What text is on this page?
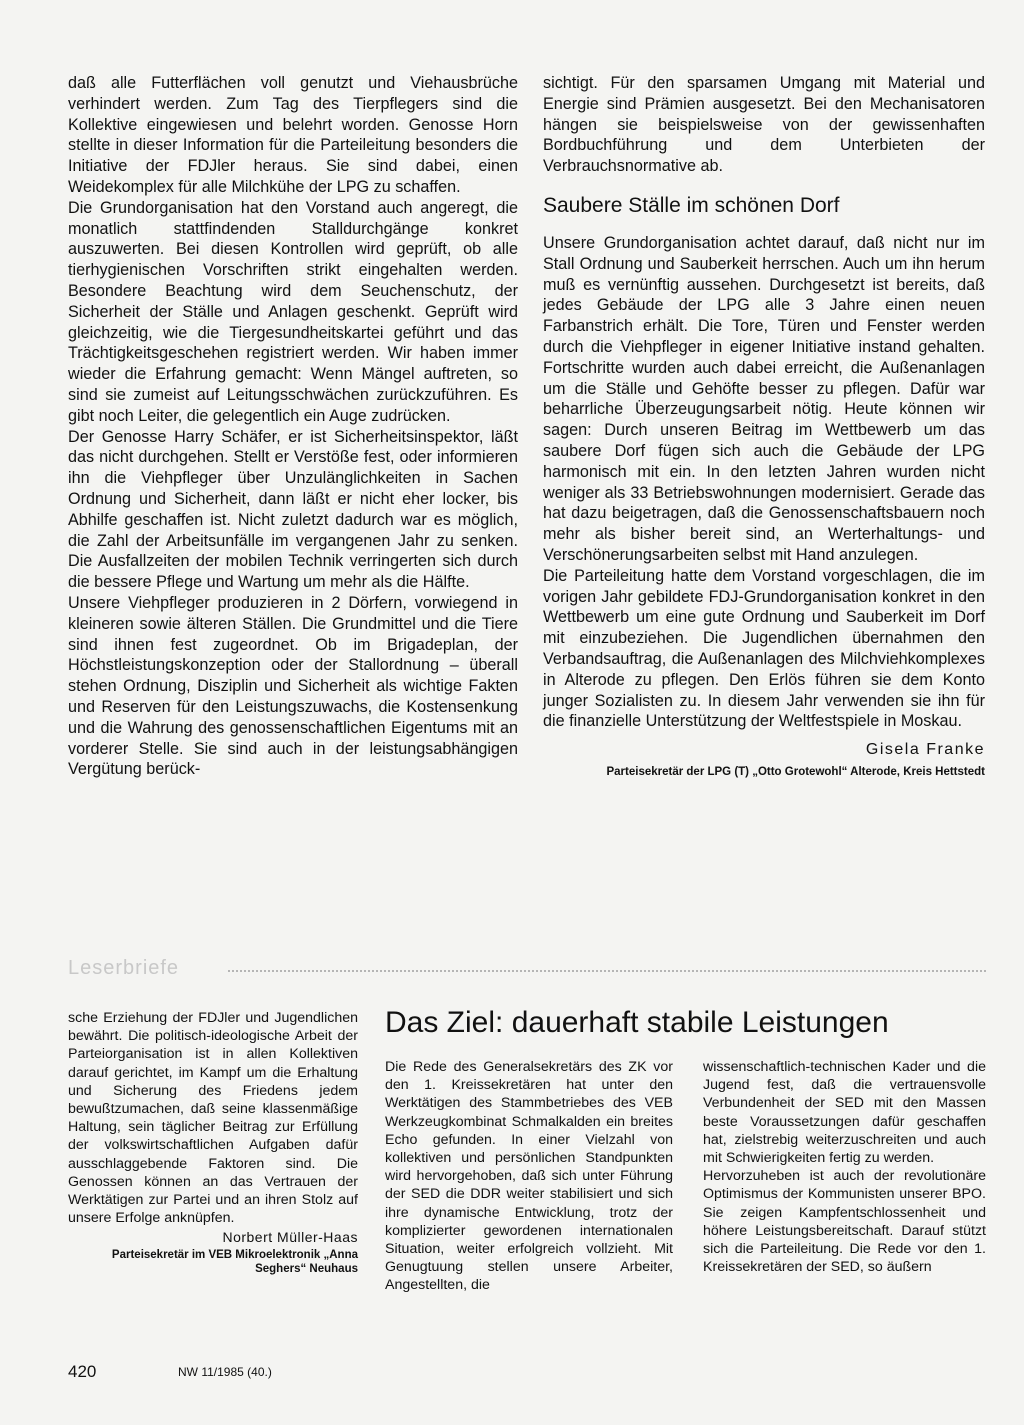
daß alle Futterflächen voll genutzt und Viehausbrüche verhindert werden. Zum Tag des Tierpflegers sind die Kollektive eingewiesen und belehrt worden. Genosse Horn stellte in dieser Information für die Parteileitung besonders die Initiative der FDJler heraus. Sie sind dabei, einen Weidekomplex für alle Milchkühe der LPG zu schaffen.

Die Grundorganisation hat den Vorstand auch angeregt, die monatlich stattfindenden Stalldurchgänge konkret auszuwerten. Bei diesen Kontrollen wird geprüft, ob alle tierhygienischen Vorschriften strikt eingehalten werden. Besondere Beachtung wird dem Seuchenschutz, der Sicherheit der Ställe und Anlagen geschenkt. Geprüft wird gleichzeitig, wie die Tiergesundheitskartei geführt und das Trächtigkeitsgeschehen registriert werden. Wir haben immer wieder die Erfahrung gemacht: Wenn Mängel auftreten, so sind sie zumeist auf Leitungsschwächen zurückzuführen. Es gibt noch Leiter, die gelegentlich ein Auge zudrücken.

Der Genosse Harry Schäfer, er ist Sicherheitsinspektor, läßt das nicht durchgehen. Stellt er Verstöße fest, oder informieren ihn die Viehpfleger über Unzulänglichkeiten in Sachen Ordnung und Sicherheit, dann läßt er nicht eher locker, bis Abhilfe geschaffen ist. Nicht zuletzt dadurch war es möglich, die Zahl der Arbeitsunfälle im vergangenen Jahr zu senken. Die Ausfallzeiten der mobilen Technik verringerten sich durch die bessere Pflege und Wartung um mehr als die Hälfte.

Unsere Viehpfleger produzieren in 2 Dörfern, vorwiegend in kleineren sowie älteren Ställen. Die Grundmittel und die Tiere sind ihnen fest zugeordnet. Ob im Brigadeplan, der Höchstleistungskonzeption oder der Stallordnung – überall stehen Ordnung, Disziplin und Sicherheit als wichtige Fakten und Reserven für den Leistungszuwachs, die Kostensenkung und die Wahrung des genossenschaftlichen Eigentums mit an vorderer Stelle. Sie sind auch in der leistungsabhängigen Vergütung berück-

sichtigt. Für den sparsamen Umgang mit Material und Energie sind Prämien ausgesetzt. Bei den Mechanisatoren hängen sie beispielsweise von der gewissenhaften Bordbuchführung und dem Unterbieten der Verbrauchsnormative ab.

Saubere Ställe im schönen Dorf

Unsere Grundorganisation achtet darauf, daß nicht nur im Stall Ordnung und Sauberkeit herrschen. Auch um ihn herum muß es vernünftig aussehen. Durchgesetzt ist bereits, daß jedes Gebäude der LPG alle 3 Jahre einen neuen Farbanstrich erhält. Die Tore, Türen und Fenster werden durch die Viehpfleger in eigener Initiative instand gehalten. Fortschritte wurden auch dabei erreicht, die Außenanlagen um die Ställe und Gehöfte besser zu pflegen. Dafür war beharrliche Überzeugungsarbeit nötig. Heute können wir sagen: Durch unseren Beitrag im Wettbewerb um das saubere Dorf fügen sich auch die Gebäude der LPG harmonisch mit ein. In den letzten Jahren wurden nicht weniger als 33 Betriebswohnungen modernisiert. Gerade das hat dazu beigetragen, daß die Genossenschaftsbauern noch mehr als bisher bereit sind, an Werterhaltungs- und Verschönerungsarbeiten selbst mit Hand anzulegen.

Die Parteileitung hatte dem Vorstand vorgeschlagen, die im vorigen Jahr gebildete FDJ-Grundorganisation konkret in den Wettbewerb um eine gute Ordnung und Sauberkeit im Dorf mit einzubeziehen. Die Jugendlichen übernahmen den Verbandsauftrag, die Außenanlagen des Milchviehkomplexes in Alterode zu pflegen. Den Erlös führen sie dem Konto junger Sozialisten zu. In diesem Jahr verwenden sie ihn für die finanzielle Unterstützung der Weltfestspiele in Moskau.

Gisela Franke
Parteisekretär der LPG (T) „Otto Grotewohl“ Alterode, Kreis Hettstedt
Leserbriefe

sche Erziehung der FDJler und Jugendlichen bewährt. Die politisch-ideologische Arbeit der Parteiorganisation ist in allen Kollektiven darauf gerichtet, im Kampf um die Erhaltung und Sicherung des Friedens jedem bewußtzumachen, daß seine klassenmäßige Haltung, sein täglicher Beitrag zur Erfüllung der volkswirtschaftlichen Aufgaben dafür ausschlaggebende Faktoren sind. Die Genossen können an das Vertrauen der Werktätigen zur Partei und an ihren Stolz auf unsere Erfolge anknüpfen.

Norbert Müller-Haas
Parteisekretär im VEB Mikroelektronik „Anna Seghers“ Neuhaus
Das Ziel: dauerhaft stabile Leistungen

Die Rede des Generalsekretärs des ZK vor den 1. Kreissekretären hat unter den Werktätigen des Stammbetriebes des VEB Werkzeugkombinat Schmalkalden ein breites Echo gefunden. In einer Vielzahl von kollektiven und persönlichen Standpunkten wird hervorgehoben, daß sich unter Führung der SED die DDR weiter stabilisiert und sich ihre dynamische Entwicklung, trotz der komplizierter gewordenen internationalen Situation, weiter erfolgreich vollzieht. Mit Genugtuung stellen unsere Arbeiter, Angestellten, die

wissenschaftlich-technischen Kader und die Jugend fest, daß die vertrauensvolle Verbundenheit der SED mit den Massen beste Voraussetzungen dafür geschaffen hat, zielstrebig weiterzuschreiten und auch mit Schwierigkeiten fertig zu werden.

Hervorzuheben ist auch der revolutionäre Optimismus der Kommunisten unserer BPO. Sie zeigen Kampfentschlossenheit und höhere Leistungsbereitschaft. Darauf stützt sich die Parteileitung. Die Rede vor den 1. Kreissekretären der SED, so äußern

420	NW 11/1985 (40.)
